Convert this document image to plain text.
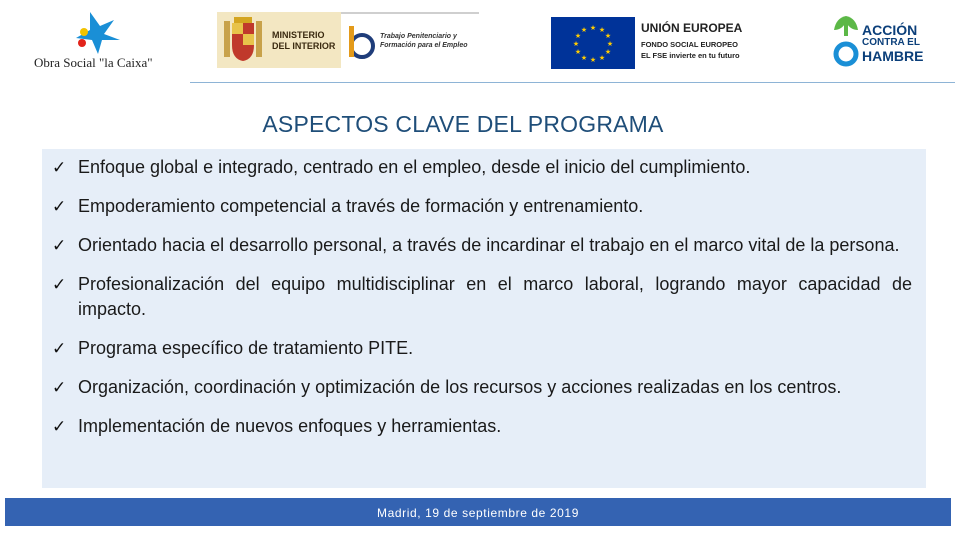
Obra Social "la Caixa"
MINISTERIO
DEL INTERIOR
Trabajo Penitenciario y
Formación para el Empleo
★ ★
★
★
★
★
★
★
★
★
★
★	UNIÓN EUROPEA
FONDO SOCIAL EUROPEO
EL FSE invierte en tu futuro
ACCIÓN
CONTRA EL
HAMBRE
ASPECTOS CLAVE DEL PROGRAMA
✓ Enfoque global e integrado, centrado en el empleo, desde el inicio del cumplimiento.
✓ Empoderamiento competencial a través de formación y entrenamiento.
✓ Orientado hacia el desarrollo personal, a través de incardinar el trabajo en el marco vital de la persona.
✓ Profesionalización del equipo multidisciplinar en el marco laboral, logrando mayor capacidad de impacto.
✓ Programa específico de tratamiento PITE.
✓ Organización, coordinación y optimización de los recursos y acciones realizadas en los centros.
✓ Implementación de nuevos enfoques y herramientas.
Madrid, 19 de septiembre de 2019
